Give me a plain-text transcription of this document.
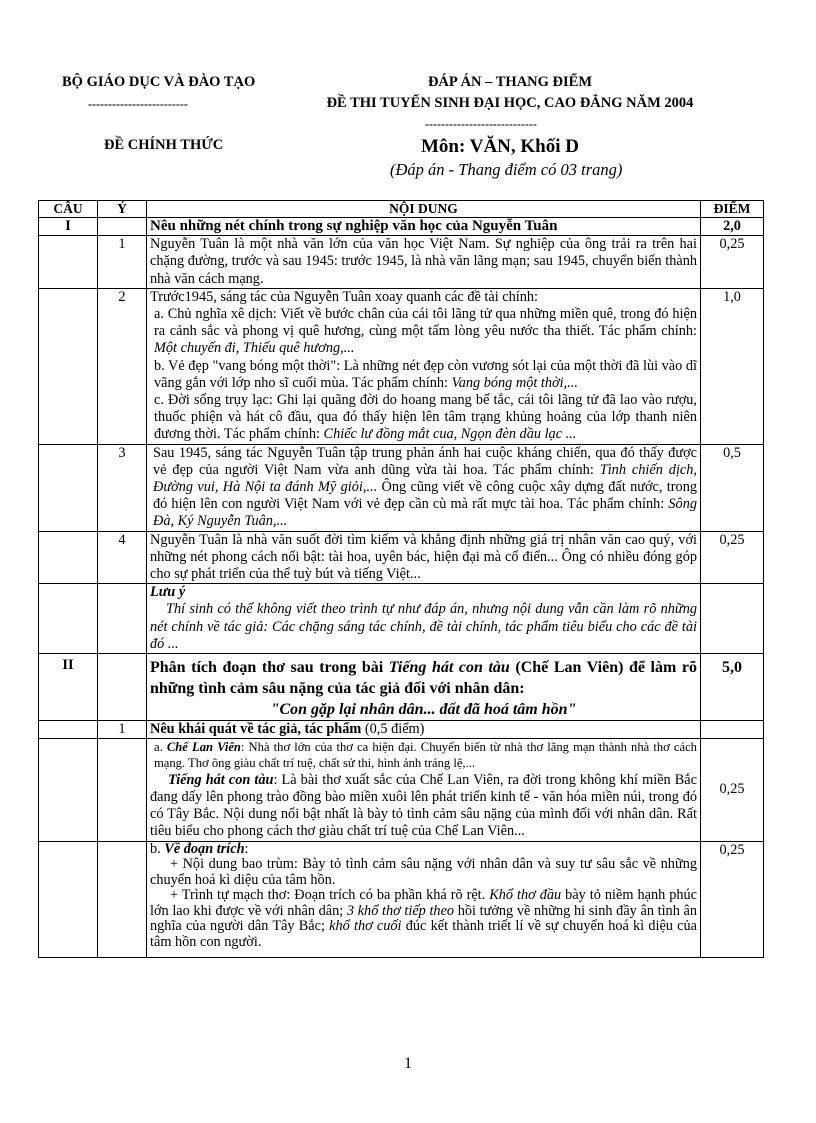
BỘ GIÁO DỤC VÀ ĐÀO TẠO
-------------------------
ĐỀ CHÍNH THỨC
ĐÁP ÁN – THANG ĐIỂM
ĐỀ THI TUYỂN SINH ĐẠI HỌC, CAO ĐẲNG NĂM 2004
----------------------------
Môn: VĂN, Khối D
(Đáp án - Thang điểm có 03 trang)
CÂU	Ý	NỘI DUNG	ĐIỂM
I		Nêu những nét chính trong sự nghiệp văn học của Nguyễn Tuân	2,0
	1	Nguyễn Tuân là một nhà văn lớn của văn học Việt Nam. Sự nghiệp của ông trải ra trên hai chặng đường, trước và sau 1945: trước 1945, là nhà văn lãng mạn; sau 1945, chuyển biến thành nhà văn cách mạng.	0,25
	2	Trước1945, sáng tác của Nguyễn Tuân xoay quanh các đề tài chính:
a. Chủ nghĩa xê dịch: Viết về bước chân của cái tôi lãng tử qua những miền quê, trong đó hiện ra cảnh sắc và phong vị quê hương, cùng một tấm lòng yêu nước tha thiết. Tác phẩm chính: Một chuyến đi, Thiếu quê hương,...
b. Vẻ đẹp "vang bóng một thời": Là những nét đẹp còn vương sót lại của một thời đã lùi vào dĩ vãng gắn với lớp nho sĩ cuối mùa. Tác phẩm chính: Vang bóng một thời,...
c. Đời sống trụy lạc: Ghi lại quãng đời do hoang mang bế tắc, cái tôi lãng tử đã lao vào rượu, thuốc phiện và hát cô đầu, qua đó thấy hiện lên tâm trạng khủng hoảng của lớp thanh niên đương thời. Tác phẩm chính: Chiếc lư đồng mắt cua, Ngọn đèn dầu lạc ...	1,0
	3	Sau 1945, sáng tác Nguyễn Tuân tập trung phản ánh hai cuộc kháng chiến, qua đó thấy được vẻ đẹp của người Việt Nam vừa anh dũng vừa tài hoa. Tác phẩm chính: Tình chiến dịch, Đường vui, Hà Nội ta đánh Mỹ giỏi,... Ông cũng viết về công cuộc xây dựng đất nước, trong đó hiện lên con người Việt Nam với vẻ đẹp cần cù mà rất mực tài hoa. Tác phẩm chính: Sông Đà, Ký Nguyễn Tuân,...	0,5
	4	Nguyễn Tuân là nhà văn suốt đời tìm kiếm và khẳng định những giá trị nhân văn cao quý, với những nét phong cách nổi bật: tài hoa, uyên bác, hiện đại mà cổ điển... Ông có nhiều đóng góp cho sự phát triển của thể tuỳ bút và tiếng Việt...	0,25

		Lưu ý
Thí sinh có thể không viết theo trình tự như đáp án, nhưng nội dung vẫn cần làm rõ những nét chính về tác giả: Các chặng sáng tác chính, đề tài chính, tác phẩm tiêu biểu cho các đề tài đó ...	

II		Phân tích đoạn thơ sau trong bài Tiếng hát con tàu (Chế Lan Viên) để làm rõ những tình cảm sâu nặng của tác giả đối với nhân dân:
"Con gặp lại nhân dân... đất đã hoá tâm hồn"	5,0
	1	Nêu khái quát về tác giả, tác phẩm (0,5 điểm)	

		a. Chế Lan Viên: Nhà thơ lớn của thơ ca hiện đại. Chuyển biến từ nhà thơ lãng mạn thành nhà thơ cách mạng. Thơ ông giàu chất trí tuệ, chất sử thi, hình ảnh tráng lệ,...
Tiếng hát con tàu: Là bài thơ xuất sắc của Chế Lan Viên, ra đời trong không khí miền Bắc đang dấy lên phong trào đồng bào miền xuôi lên phát triển kinh tế - văn hóa miền núi, trong đó có Tây Bắc. Nội dung nổi bật nhất là bày tỏ tình cảm sâu nặng của mình đối với nhân dân. Rất tiêu biểu cho phong cách thơ giàu chất trí tuệ của Chế Lan Viên...	0,25

		b. Về đoạn trích:
+ Nội dung bao trùm: Bày tỏ tình cảm sâu nặng với nhân dân và suy tư sâu sắc về những chuyển hoá kì diệu của tâm hồn.
+ Trình tự mạch thơ: Đoạn trích có ba phần khá rõ rệt. Khổ thơ đầu bày tỏ niềm hạnh phúc lớn lao khi được về với nhân dân; 3 khổ thơ tiếp theo hồi tưởng về những hi sinh đầy ân tình ân nghĩa của người dân Tây Bắc; khổ thơ cuối đúc kết thành triết lí về sự chuyển hoá kì diệu của tâm hồn con người.	0,25
1
